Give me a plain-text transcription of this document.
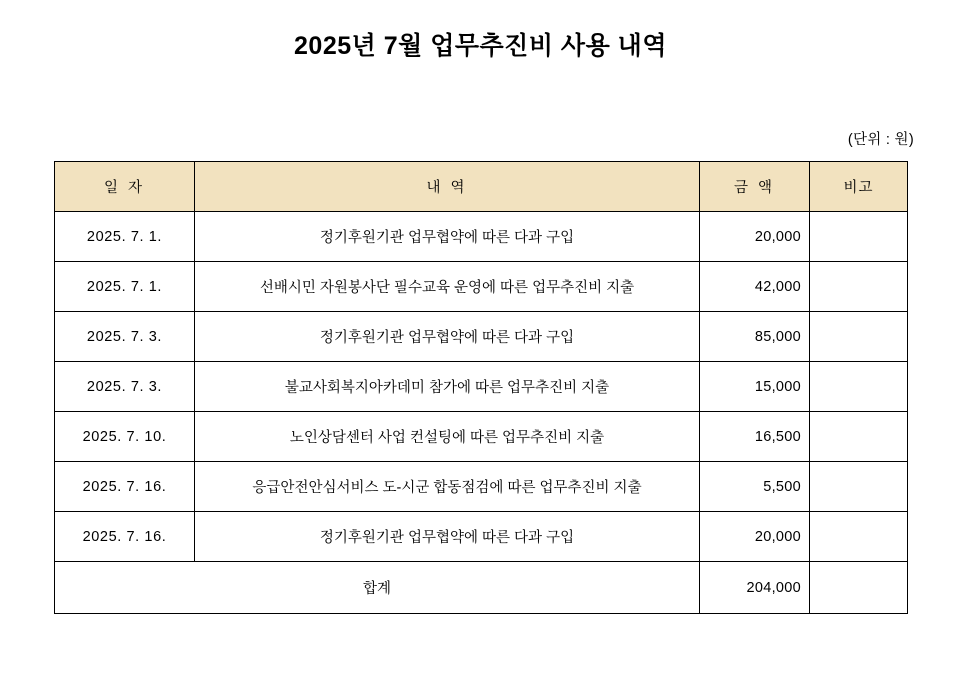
2025년 7월 업무추진비 사용 내역
(단위 : 원)
일 자	내 역	금 액	비고
2025. 7. 1.	정기후원기관 업무협약에 따른 다과 구입	20,000	
2025. 7. 1.	선배시민 자원봉사단 필수교육 운영에 따른 업무추진비 지출	42,000	
2025. 7. 3.	정기후원기관 업무협약에 따른 다과 구입	85,000	
2025. 7. 3.	불교사회복지아카데미 참가에 따른 업무추진비 지출	15,000	
2025. 7. 10.	노인상담센터 사업 컨설팅에 따른 업무추진비 지출	16,500	
2025. 7. 16.	응급안전안심서비스 도-시군 합동점검에 따른 업무추진비 지출	5,500	
2025. 7. 16.	정기후원기관 업무협약에 따른 다과 구입	20,000	
합계		204,000	
